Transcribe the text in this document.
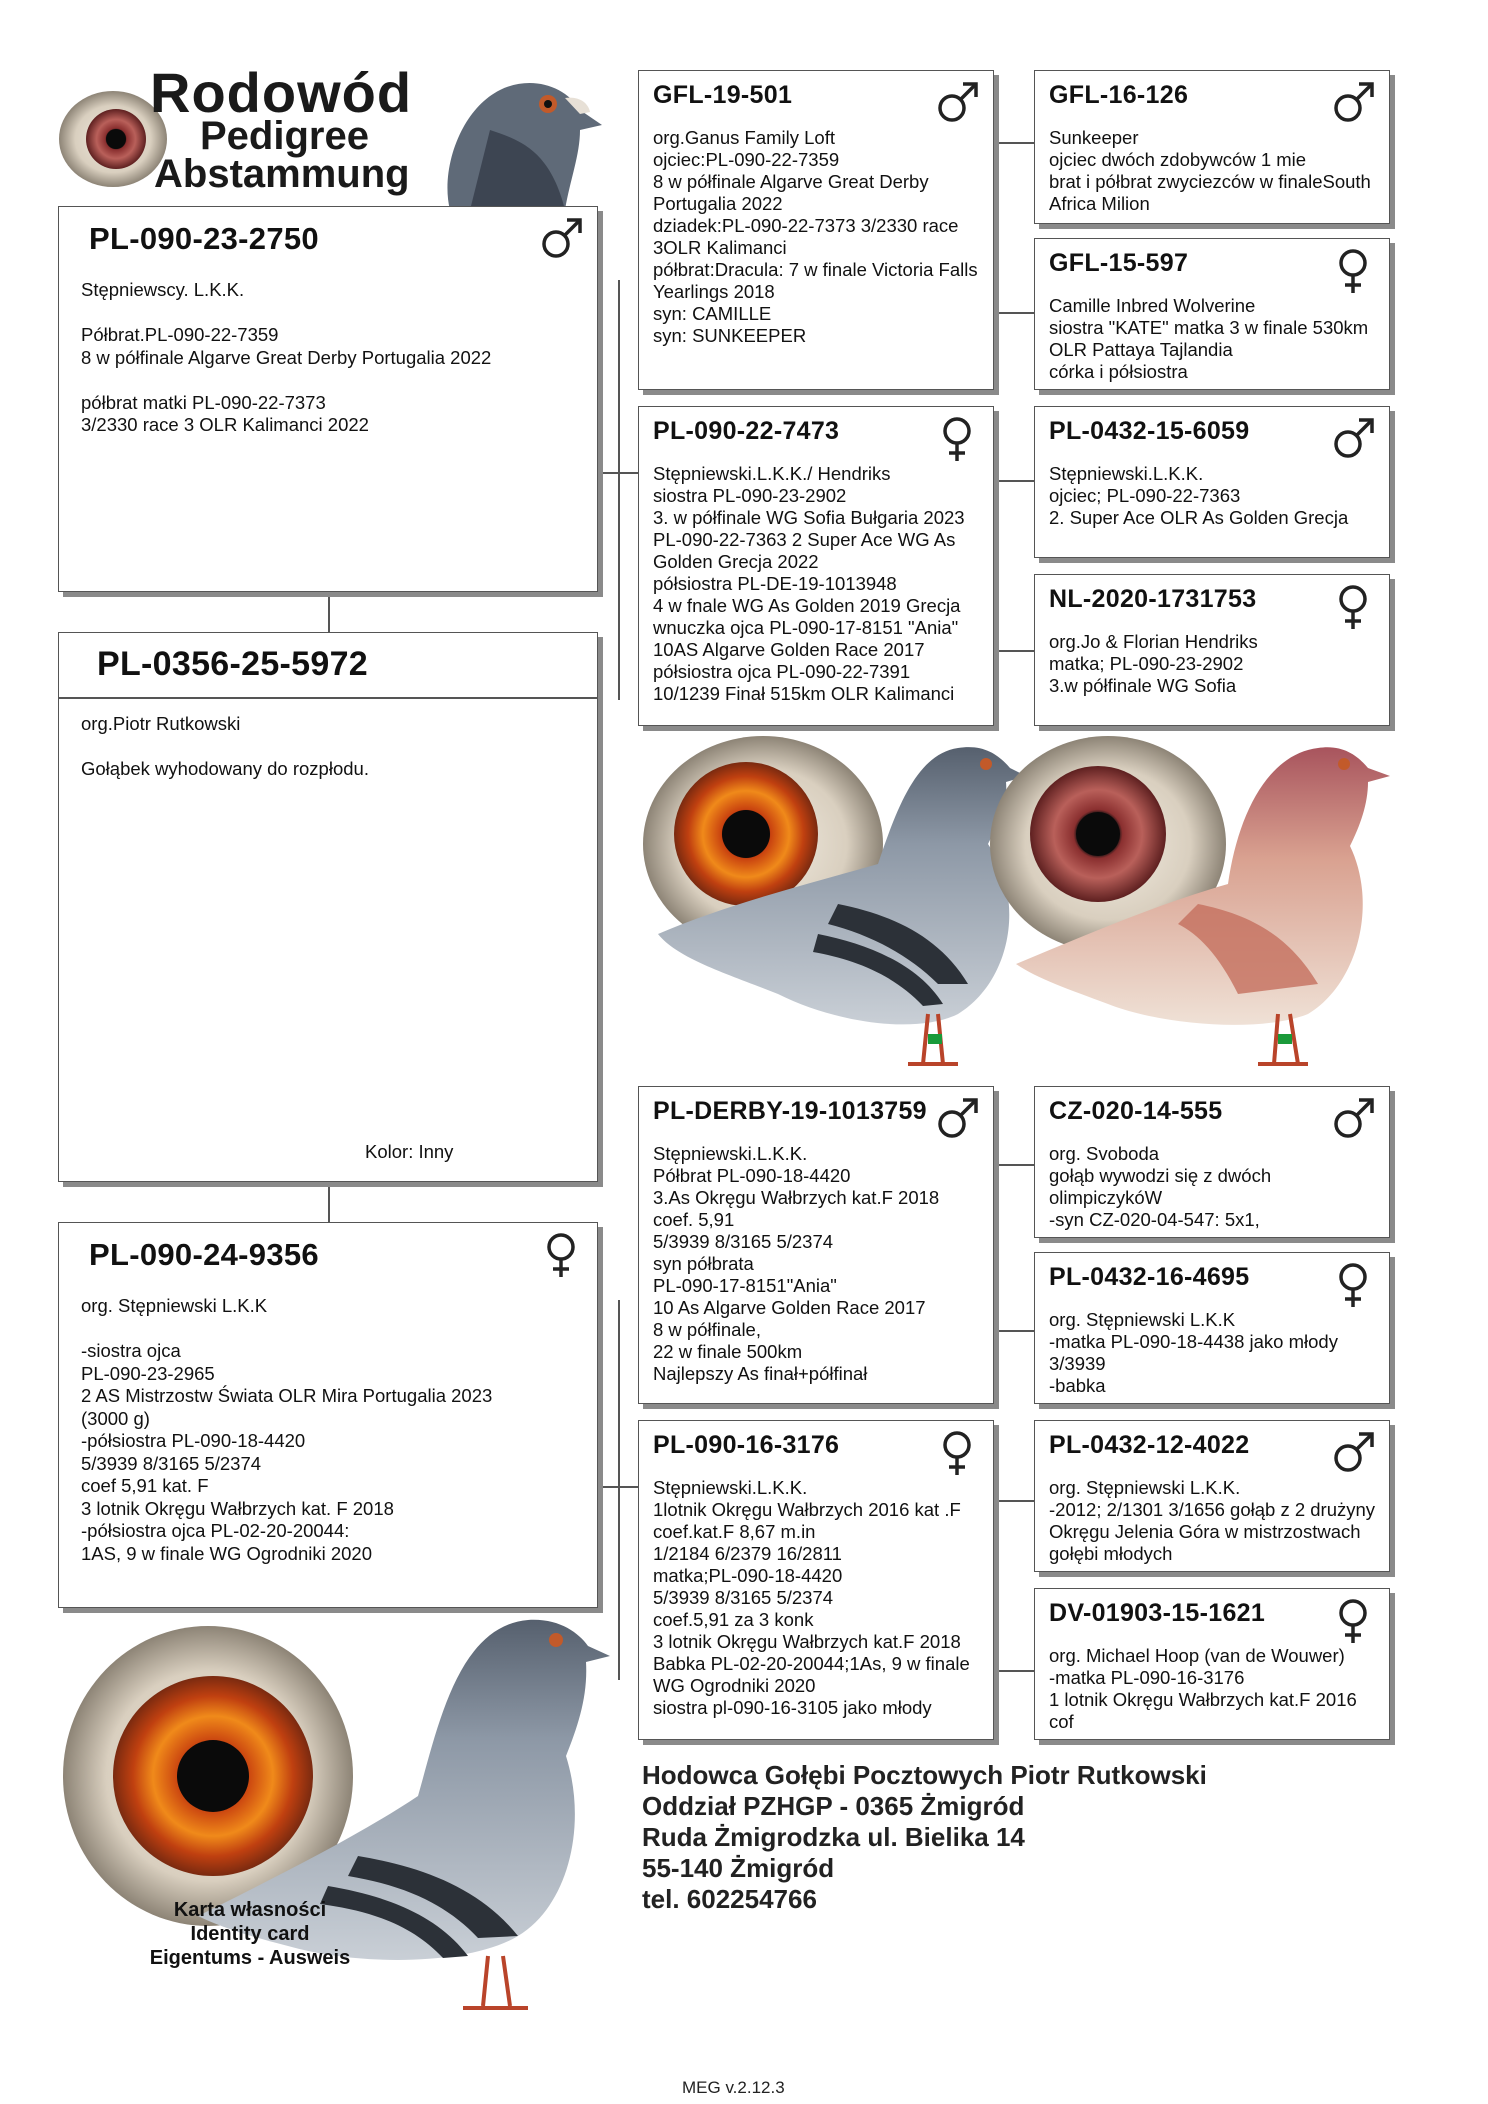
Rodowód
Pedigree
Abstammung
PL-090-23-2750
Stępniewscy. L.K.K.

Półbrat.PL-090-22-7359
8 w półfinale Algarve Great Derby Portugalia 2022

półbrat matki PL-090-22-7373
3/2330 race 3 OLR Kalimanci 2022
PL-0356-25-5972
org.Piotr Rutkowski

Gołąbek wyhodowany do rozpłodu.
Kolor: Inny
PL-090-24-9356
org. Stępniewski L.K.K

-siostra ojca
PL-090-23-2965
2 AS Mistrzostw Świata OLR Mira Portugalia 2023
(3000 g)
-półsiostra PL-090-18-4420
5/3939 8/3165 5/2374
coef 5,91 kat. F
3 lotnik Okręgu Wałbrzych kat. F 2018
-półsiostra ojca PL-02-20-20044:
1AS, 9 w finale WG Ogrodniki 2020
GFL-19-501
org.Ganus Family Loft
ojciec:PL-090-22-7359
8 w półfinale Algarve Great Derby Portugalia 2022
dziadek:PL-090-22-7373 3/2330 race 3OLR Kalimanci
półbrat:Dracula: 7 w finale Victoria Falls Yearlings 2018
syn: CAMILLE
syn: SUNKEEPER
PL-090-22-7473
Stępniewski.L.K.K./ Hendriks
siostra PL-090-23-2902
3. w półfinale WG Sofia Bułgaria 2023
PL-090-22-7363 2 Super Ace WG As Golden Grecja 2022
półsiostra PL-DE-19-1013948
4 w fnale WG As Golden 2019 Grecja
wnuczka ojca PL-090-17-8151 "Ania"
10AS Algarve Golden Race 2017
półsiostra ojca PL-090-22-7391
10/1239 Finał 515km OLR Kalimanci
PL-DERBY-19-1013759
Stępniewski.L.K.K.
Półbrat PL-090-18-4420
3.As Okręgu Wałbrzych kat.F 2018
coef. 5,91
5/3939 8/3165 5/2374
syn półbrata
PL-090-17-8151"Ania"
10 As Algarve Golden Race 2017
8 w półfinale,
22 w finale 500km
Najlepszy As finał+półfinał
PL-090-16-3176
Stępniewski.L.K.K.
1lotnik Okręgu Wałbrzych 2016 kat .F
coef.kat.F 8,67 m.in
1/2184 6/2379 16/2811
matka;PL-090-18-4420
5/3939 8/3165 5/2374
coef.5,91 za 3 konk
3 lotnik Okręgu Wałbrzych kat.F 2018
Babka PL-02-20-20044;1As, 9 w finale WG Ogrodniki 2020
siostra pl-090-16-3105 jako młody
GFL-16-126
Sunkeeper
ojciec dwóch zdobywców 1 mie
brat i półbrat zwyciezców w finaleSouth Africa Milion
GFL-15-597
Camille Inbred Wolverine
siostra "KATE" matka 3 w finale 530km OLR Pattaya Tajlandia
córka i półsiostra
PL-0432-15-6059
Stępniewski.L.K.K.
ojciec; PL-090-22-7363
2. Super Ace OLR As Golden Grecja
NL-2020-1731753
org.Jo & Florian Hendriks
matka; PL-090-23-2902
3.w półfinale WG Sofia
CZ-020-14-555
org. Svoboda
gołąb wywodzi się z dwóch olimpiczykóW
-syn CZ-020-04-547: 5x1,
PL-0432-16-4695
org. Stępniewski L.K.K
-matka PL-090-18-4438 jako młody 3/3939
-babka
PL-0432-12-4022
org. Stępniewski L.K.K.
-2012; 2/1301 3/1656 gołąb z 2 drużyny Okręgu Jelenia Góra w mistrzostwach gołębi młodych
DV-01903-15-1621
org. Michael Hoop (van de Wouwer)
-matka PL-090-16-3176
1 lotnik Okręgu Wałbrzych kat.F 2016
cof
Karta własności
Identity card
Eigentums - Ausweis
Hodowca Gołębi Pocztowych Piotr Rutkowski
Oddział PZHGP - 0365 Żmigród
Ruda Żmigrodzka ul. Bielika 14
55-140 Żmigród
tel. 602254766
MEG v.2.12.3
